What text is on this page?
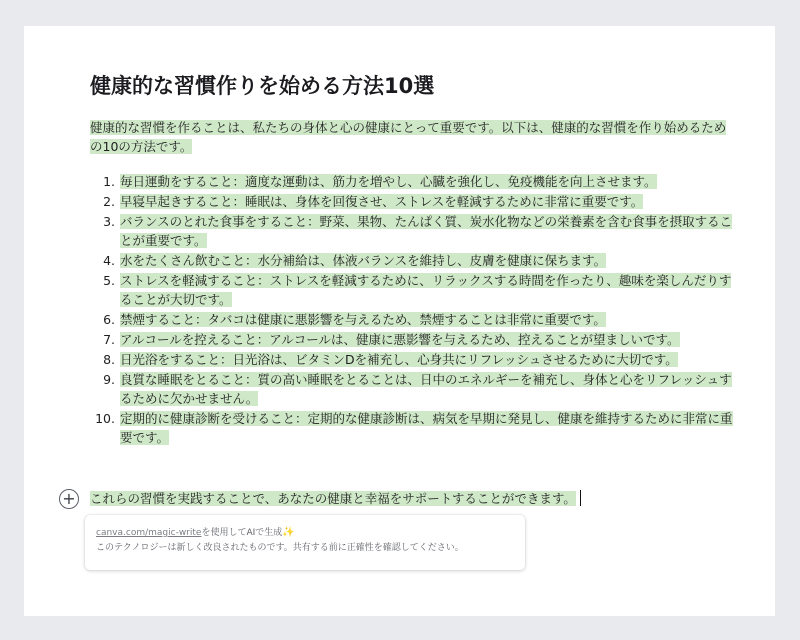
健康的な習慣作りを始める方法10選

健康的な習慣を作ることは、私たちの身体と心の健康にとって重要です。以下は、健康的な習慣を作り始めるための10の方法です。

1. 毎日運動をすること：適度な運動は、筋力を増やし、心臓を強化し、免疫機能を向上させます。
2. 早寝早起きすること：睡眠は、身体を回復させ、ストレスを軽減するために非常に重要です。
3. バランスのとれた食事をすること：野菜、果物、たんぱく質、炭水化物などの栄養素を含む食事を摂取することが重要です。
4. 水をたくさん飲むこと：水分補給は、体液バランスを維持し、皮膚を健康に保ちます。
5. ストレスを軽減すること：ストレスを軽減するために、リラックスする時間を作ったり、趣味を楽しんだりすることが大切です。
6. 禁煙すること：タバコは健康に悪影響を与えるため、禁煙することは非常に重要です。
7. アルコールを控えること：アルコールは、健康に悪影響を与えるため、控えることが望ましいです。
8. 日光浴をすること：日光浴は、ビタミンDを補充し、心身共にリフレッシュさせるために大切です。
9. 良質な睡眠をとること：質の高い睡眠をとることは、日中のエネルギーを補充し、身体と心をリフレッシュするために欠かせません。
10. 定期的に健康診断を受けること：定期的な健康診断は、病気を早期に発見し、健康を維持するために非常に重要です。

これらの習慣を実践することで、あなたの健康と幸福をサポートすることができます。

+
canva.com/magic-writeを使用してAIで生成✨
このテクノロジーは新しく改良されたものです。共有する前に正確性を確認してください。
